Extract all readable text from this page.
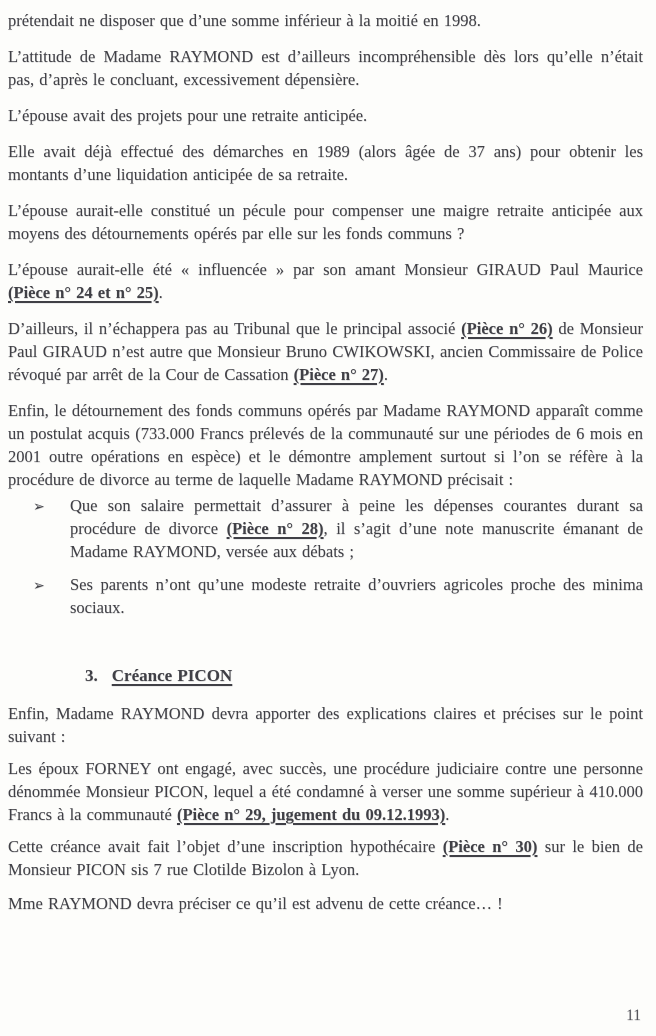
prétendait ne disposer que d’une somme inférieur à la moitié en 1998.

L’attitude de Madame RAYMOND est d’ailleurs incompréhensible dès lors qu’elle n’était pas, d’après le concluant, excessivement dépensière.

L’épouse avait des projets pour une retraite anticipée.

Elle avait déjà effectué des démarches en 1989 (alors âgée de 37 ans) pour obtenir les montants d’une liquidation anticipée de sa retraite.

L’épouse aurait-elle constitué un pécule pour compenser une maigre retraite anticipée aux moyens des détournements opérés par elle sur les fonds communs ?

L’épouse aurait-elle été « influencée » par son amant Monsieur GIRAUD Paul Maurice (Pièce n° 24 et n° 25).

D’ailleurs, il n’échappera pas au Tribunal que le principal associé (Pièce n° 26) de Monsieur Paul GIRAUD n’est autre que Monsieur Bruno CWIKOWSKI, ancien Commissaire de Police révoqué par arrêt de la Cour de Cassation (Pièce n° 27).

Enfin, le détournement des fonds communs opérés par Madame RAYMOND apparaît comme un postulat acquis (733.000 Francs prélevés de la communauté sur une périodes de 6 mois en 2001 outre opérations en espèce) et le démontre amplement surtout si l’on se réfère à la procédure de divorce au terme de laquelle Madame RAYMOND précisait :

➢	Que son salaire permettait d’assurer à peine les dépenses courantes durant sa procédure de divorce (Pièce n° 28), il s’agit d’une note manuscrite émanant de Madame RAYMOND, versée aux débats ;
➢	Ses parents n’ont qu’une modeste retraite d’ouvriers agricoles proche des minima sociaux.
3. Créance PICON

Enfin, Madame RAYMOND devra apporter des explications claires et précises sur le point suivant :

Les époux FORNEY ont engagé, avec succès, une procédure judiciaire contre une personne dénommée Monsieur PICON, lequel a été condamné à verser une somme supérieur à 410.000 Francs à la communauté (Pièce n° 29, jugement du 09.12.1993).

Cette créance avait fait l’objet d’une inscription hypothécaire (Pièce n° 30) sur le bien de Monsieur PICON sis 7 rue Clotilde Bizolon à Lyon.

Mme RAYMOND devra préciser ce qu’il est advenu de cette créance… !

11
